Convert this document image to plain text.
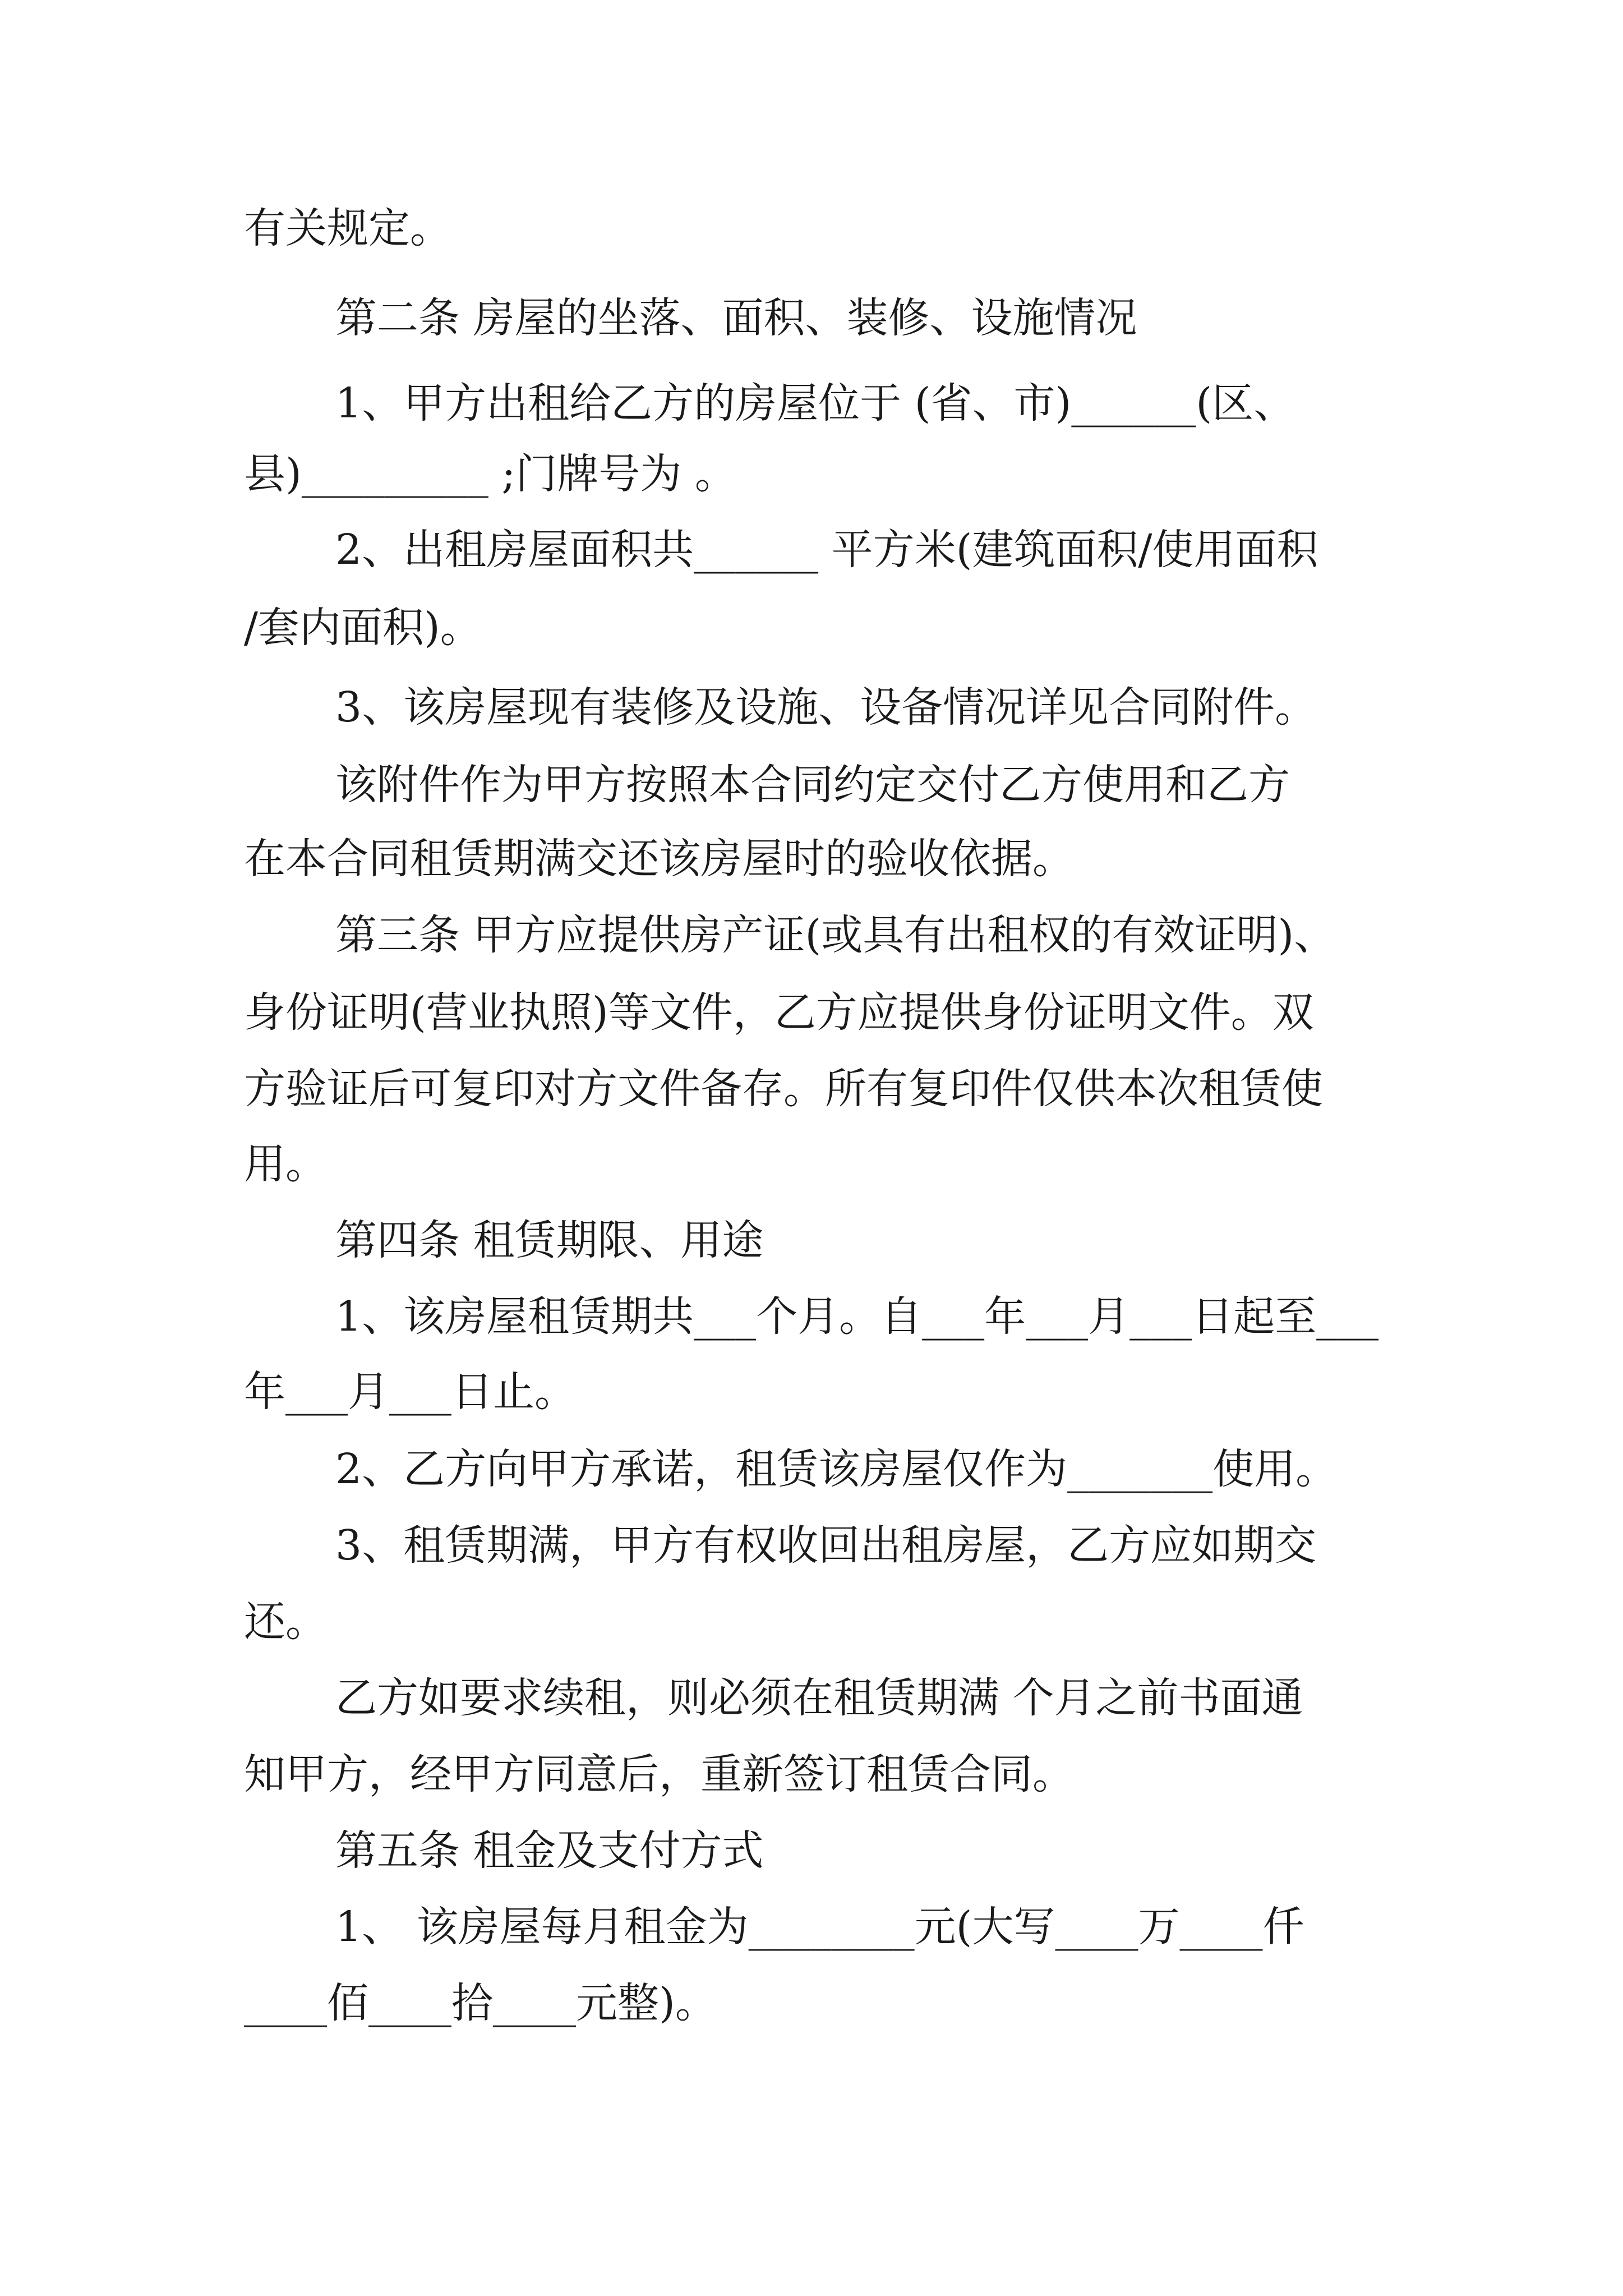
有关规定。
第二条 房屋的坐落、面积、装修、设施情况
1、甲方出租给乙方的房屋位于 (省、市)______(区、
县)_________ ;门牌号为 。
2、出租房屋面积共______ 平方米(建筑面积/使用面积
/套内面积)。
3、该房屋现有装修及设施、设备情况详见合同附件。
该附件作为甲方按照本合同约定交付乙方使用和乙方
在本合同租赁期满交还该房屋时的验收依据。
第三条 甲方应提供房产证(或具有出租权的有效证明)、
身份证明(营业执照)等文件，乙方应提供身份证明文件。双
方验证后可复印对方文件备存。所有复印件仅供本次租赁使
用。
第四条 租赁期限、用途
1、该房屋租赁期共___个月。自___年___月___日起至___
年___月___日止。
2、乙方向甲方承诺，租赁该房屋仅作为_______使用。
3、租赁期满，甲方有权收回出租房屋，乙方应如期交
还。
乙方如要求续租，则必须在租赁期满 个月之前书面通
知甲方，经甲方同意后，重新签订租赁合同。
第五条 租金及支付方式
1、 该房屋每月租金为________元(大写____万____仟
____佰____拾____元整)。
